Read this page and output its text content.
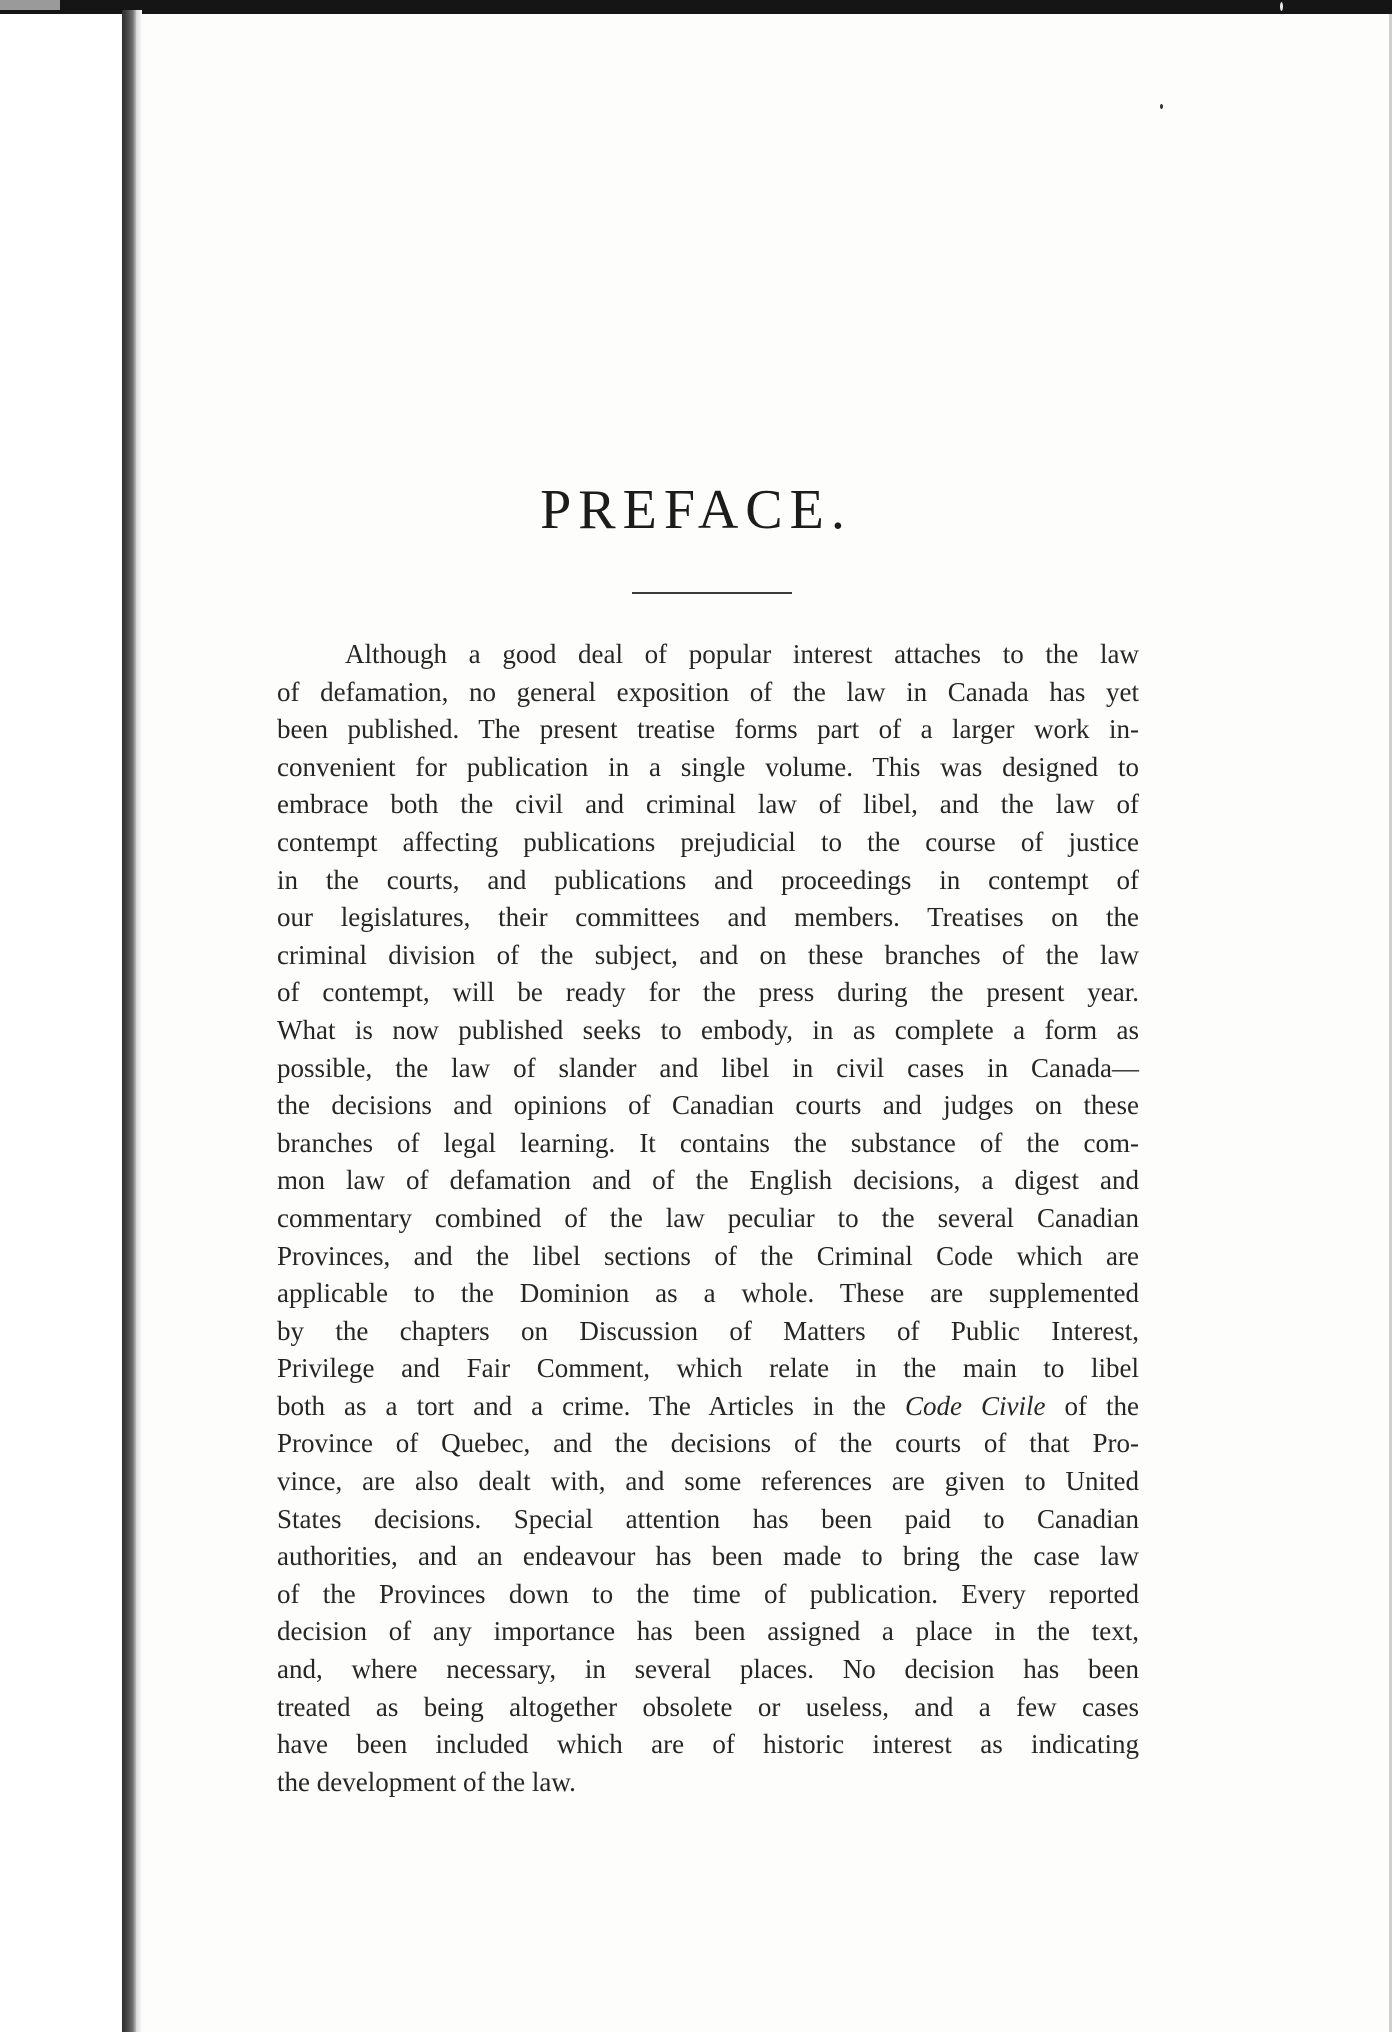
PREFACE.

Although a good deal of popular interest attaches to the law
of defamation, no general exposition of the law in Canada has yet
been published. The present treatise forms part of a larger work in-
convenient for publication in a single volume. This was designed to
embrace both the civil and criminal law of libel, and the law of
contempt affecting publications prejudicial to the course of justice
in the courts, and publications and proceedings in contempt of
our legislatures, their committees and members. Treatises on the
criminal division of the subject, and on these branches of the law
of contempt, will be ready for the press during the present year.
What is now published seeks to embody, in as complete a form as
possible, the law of slander and libel in civil cases in Canada—
the decisions and opinions of Canadian courts and judges on these
branches of legal learning. It contains the substance of the com-
mon law of defamation and of the English decisions, a digest and
commentary combined of the law peculiar to the several Canadian
Provinces, and the libel sections of the Criminal Code which are
applicable to the Dominion as a whole. These are supplemented
by the chapters on Discussion of Matters of Public Interest,
Privilege and Fair Comment, which relate in the main to libel
both as a tort and a crime. The Articles in the Code Civile of the
Province of Quebec, and the decisions of the courts of that Pro-
vince, are also dealt with, and some references are given to United
States decisions. Special attention has been paid to Canadian
authorities, and an endeavour has been made to bring the case law
of the Provinces down to the time of publication. Every reported
decision of any importance has been assigned a place in the text,
and, where necessary, in several places. No decision has been
treated as being altogether obsolete or useless, and a few cases
have been included which are of historic interest as indicating
the development of the law.
